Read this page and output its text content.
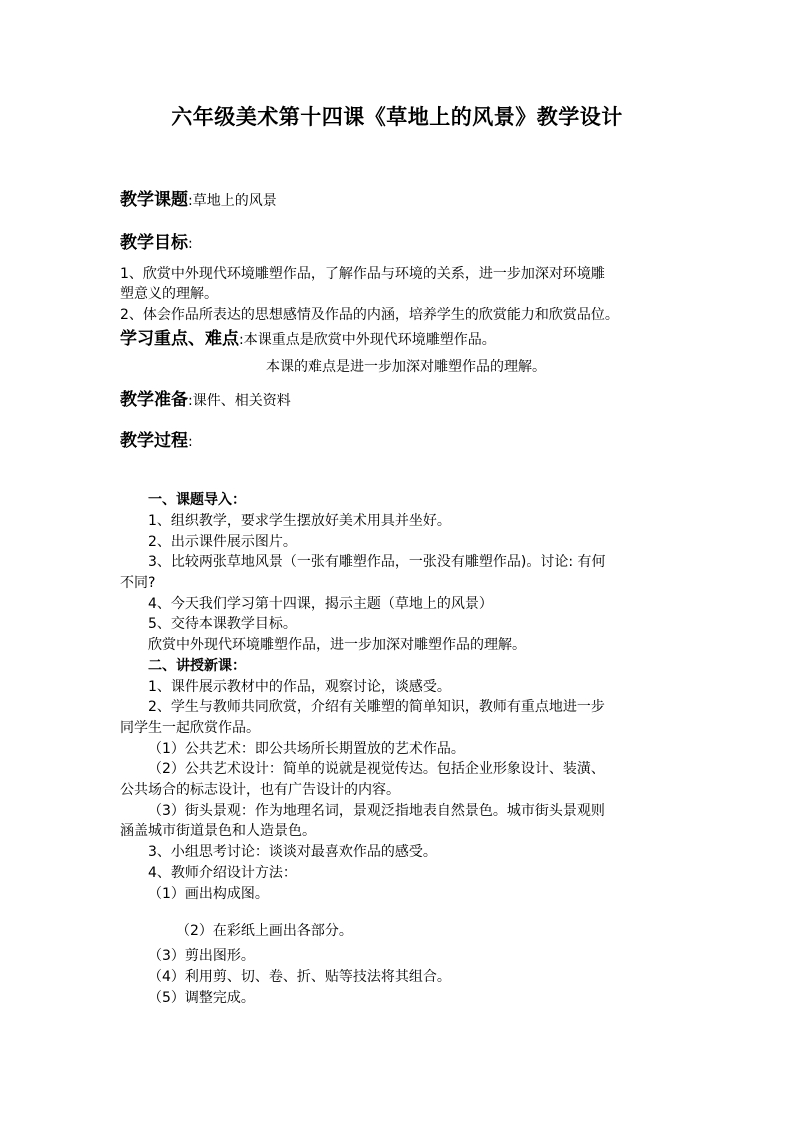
六年级美术第十四课《草地上的风景》教学设计
教学课题:草地上的风景
教学目标:
1、欣赏中外现代环境雕塑作品，了解作品与环境的关系，进一步加深对环境雕
塑意义的理解。
2、体会作品所表达的思想感情及作品的内涵，培养学生的欣赏能力和欣赏品位。
学习重点、难点:本课重点是欣赏中外现代环境雕塑作品。
本课的难点是进一步加深对雕塑作品的理解。
教学准备:课件、相关资料
教学过程:
一、课题导入：
1、组织教学，要求学生摆放好美术用具并坐好。
2、出示课件展示图片。
3、比较两张草地风景（一张有雕塑作品，一张没有雕塑作品)。讨论: 有何
不同?
4、今天我们学习第十四课，揭示主题（草地上的风景）
5、交待本课教学目标。
欣赏中外现代环境雕塑作品，进一步加深对雕塑作品的理解。
二、讲授新课：
1、课件展示教材中的作品，观察讨论，谈感受。
2、学生与教师共同欣赏，介绍有关雕塑的简单知识，教师有重点地进一步
同学生一起欣赏作品。
（1）公共艺术：即公共场所长期置放的艺术作品。
（2）公共艺术设计：简单的说就是视觉传达。包括企业形象设计、装潢、
公共场合的标志设计，也有广告设计的内容。
（3）街头景观：作为地理名词，景观泛指地表自然景色。城市街头景观则
涵盖城市街道景色和人造景色。
3、小组思考讨论：谈谈对最喜欢作品的感受。
4、教师介绍设计方法：
（1）画出构成图。
（2）在彩纸上画出各部分。
（3）剪出图形。
（4）利用剪、切、卷、折、贴等技法将其组合。
（5）调整完成。
